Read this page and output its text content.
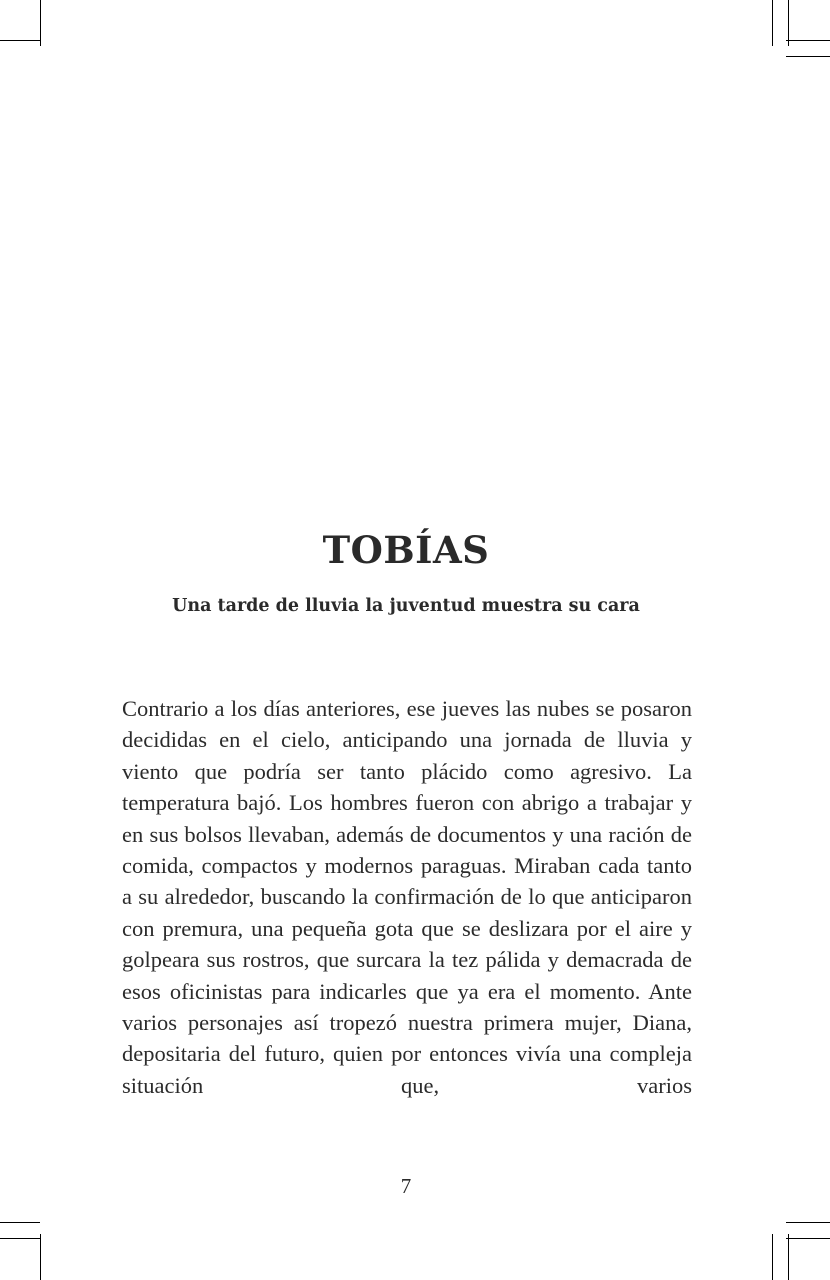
TOBÍAS
Una tarde de lluvia la juventud muestra su cara

Contrario a los días anteriores, ese jueves las nubes se posaron decididas en el cielo, anticipando una jornada de lluvia y viento que podría ser tanto plácido como agresivo. La temperatura bajó. Los hombres fueron con abrigo a trabajar y en sus bolsos llevaban, además de documentos y una ración de comida, compactos y modernos paraguas. Miraban cada tanto a su alrededor, buscando la confirmación de lo que anticiparon con premura, una pequeña gota que se deslizara por el aire y golpeara sus rostros, que surcara la tez pálida y demacrada de esos oficinistas para indicarles que ya era el momento. Ante varios personajes así tropezó nuestra primera mujer, Diana, depositaria del futuro, quien por entonces vivía una compleja situación que, varios

7
